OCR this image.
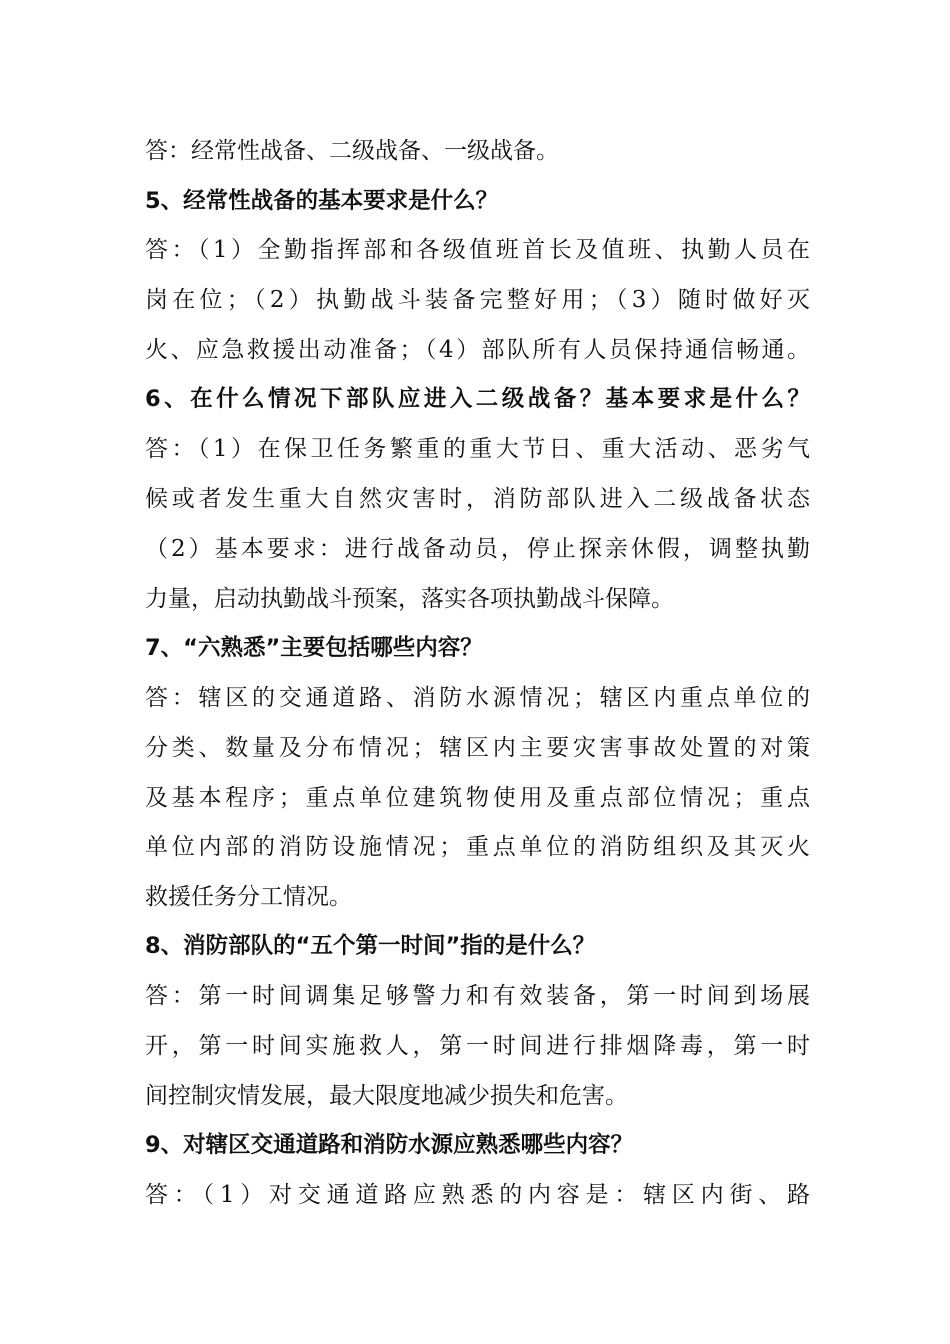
答：经常性战备、二级战备、一级战备。
5、经常性战备的基本要求是什么？
答：（1）全勤指挥部和各级值班首长及值班、执勤人员在
岗在位；（2）执勤战斗装备完整好用；（3）随时做好灭
火、应急救援出动准备；（4）部队所有人员保持通信畅通。
6、在什么情况下部队应进入二级战备？基本要求是什么？
答：（1）在保卫任务繁重的重大节日、重大活动、恶劣气
候或者发生重大自然灾害时，消防部队进入二级战备状态
（2）基本要求：进行战备动员，停止探亲休假，调整执勤
力量，启动执勤战斗预案，落实各项执勤战斗保障。
7、“六熟悉”主要包括哪些内容？
答：辖区的交通道路、消防水源情况；辖区内重点单位的
分类、数量及分布情况；辖区内主要灾害事故处置的对策
及基本程序；重点单位建筑物使用及重点部位情况；重点
单位内部的消防设施情况；重点单位的消防组织及其灭火
救援任务分工情况。
8、消防部队的“五个第一时间”指的是什么？
答：第一时间调集足够警力和有效装备，第一时间到场展
开，第一时间实施救人，第一时间进行排烟降毒，第一时
间控制灾情发展，最大限度地减少损失和危害。
9、对辖区交通道路和消防水源应熟悉哪些内容？
答：（1）对交通道路应熟悉的内容是：辖区内街、路
